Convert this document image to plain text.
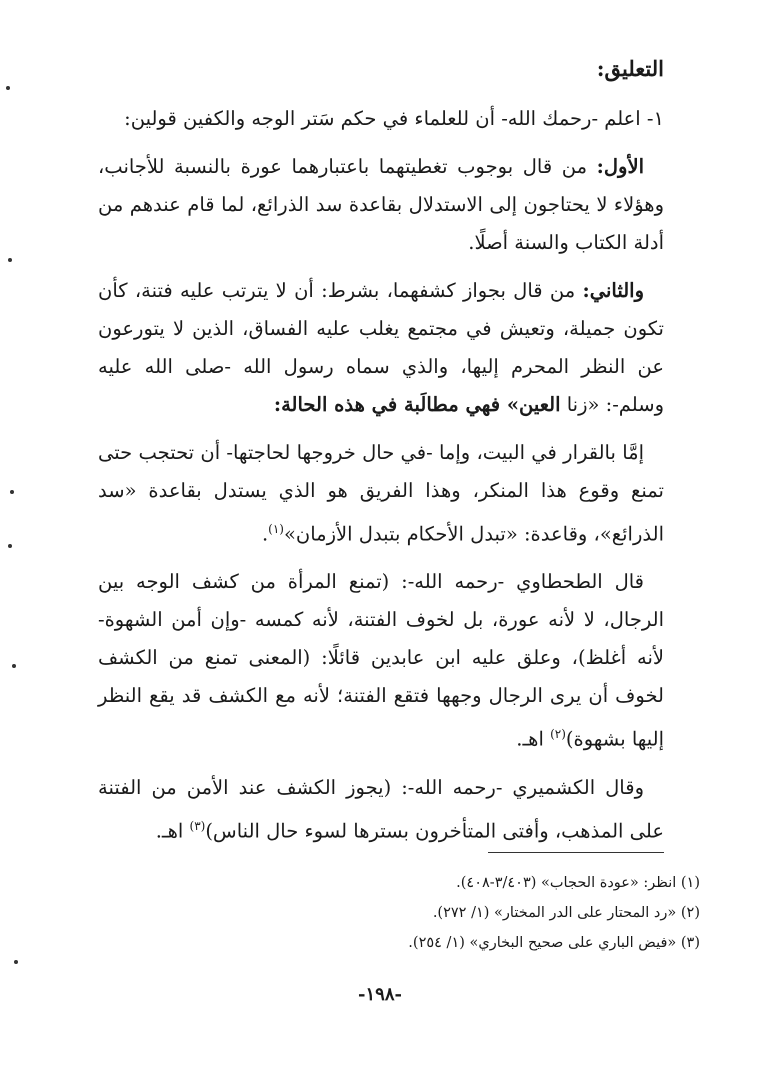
التعليق:

١- اعلم -رحمك الله- أن للعلماء في حكم سَتر الوجه والكفين قولين:

الأول: من قال بوجوب تغطيتهما باعتبارهما عورة بالنسبة للأجانب، وهؤلاء لا يحتاجون إلى الاستدلال بقاعدة سد الذرائع، لما قام عندهم من أدلة الكتاب والسنة أصلًا.

والثاني: من قال بجواز كشفهما، بشرط: أن لا يترتب عليه فتنة، كأن تكون جميلة، وتعيش في مجتمع يغلب عليه الفساق، الذين لا يتورعون عن النظر المحرم إليها، والذي سماه رسول الله -صلى الله عليه وسلم-: «زنا العين» فهي مطالَبة في هذه الحالة:

إمَّا بالقرار في البيت، وإما -في حال خروجها لحاجتها- أن تحتجب حتى تمنع وقوع هذا المنكر، وهذا الفريق هو الذي يستدل بقاعدة «سد الذرائع»، وقاعدة: «تبدل الأحكام بتبدل الأزمان»$^{(١)}$.

قال الطحطاوي -رحمه الله-: (تمنع المرأة من كشف الوجه بين الرجال، لا لأنه عورة، بل لخوف الفتنة، لأنه كمسه -وإن أمن الشهوة- لأنه أغلظ)، وعلق عليه ابن عابدين قائلًا: (المعنى تمنع من الكشف لخوف أن يرى الرجال وجهها فتقع الفتنة؛ لأنه مع الكشف قد يقع النظر إليها بشهوة)$^{(٢)}$ اهـ.

وقال الكشميري -رحمه الله-: (يجوز الكشف عند الأمن من الفتنة على المذهب، وأفتى المتأخرون بسترها لسوء حال الناس)$^{(٣)}$ اهـ.

(١) انظر: «عودة الحجاب» (٣/٤٠٣-٤٠٨).
(٢) «رد المحتار على الدر المختار» (١/ ٢٧٢).
(٣) «فيض الباري على صحيح البخاري» (١/ ٢٥٤).
-١٩٨-
